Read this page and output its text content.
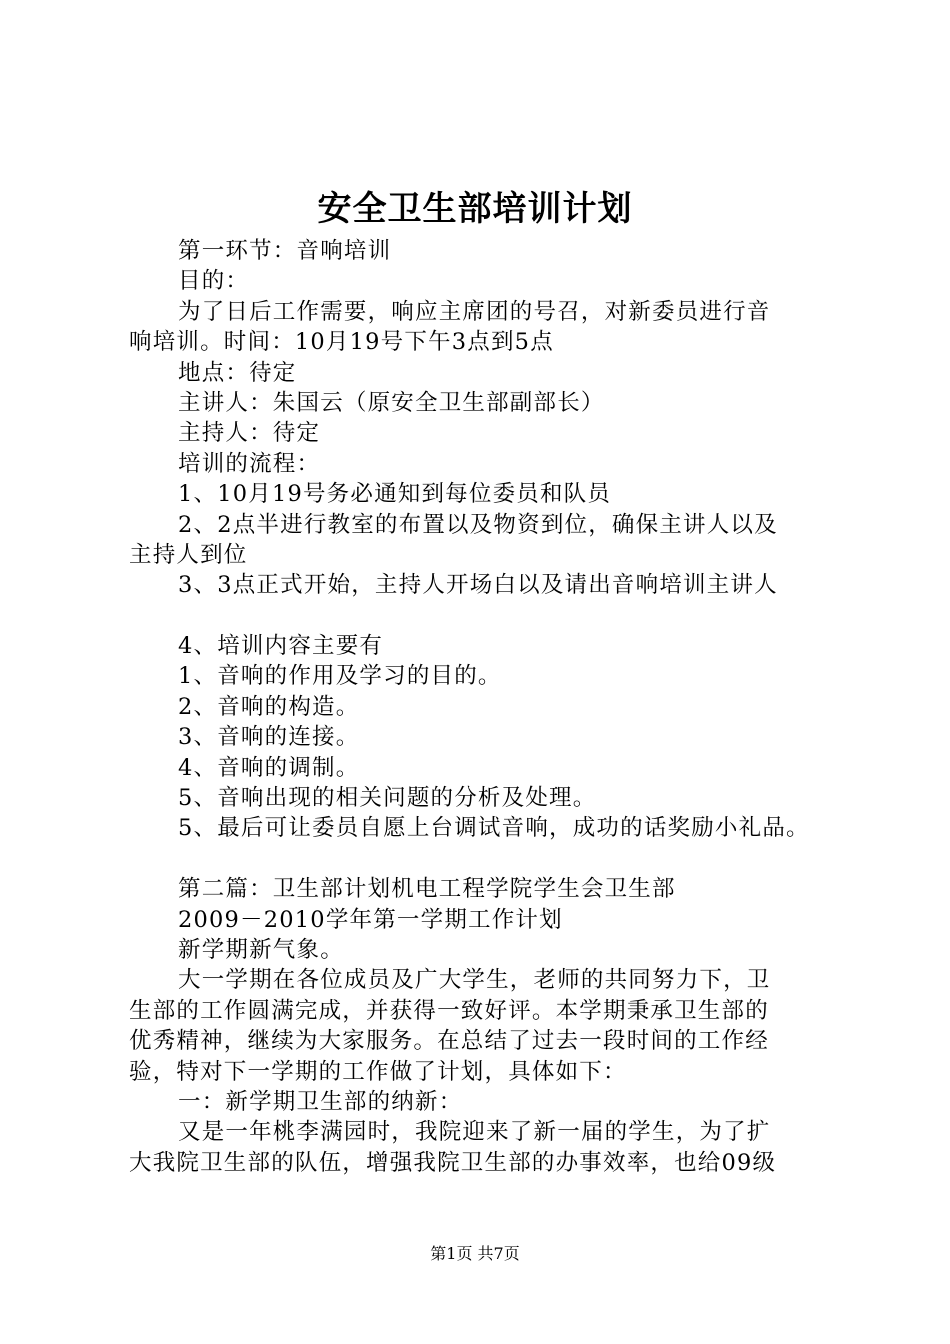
安全卫生部培训计划
第一环节：音响培训
目的：
为了日后工作需要，响应主席团的号召，对新委员进行音
响培训。时间：10月19号下午3点到5点
地点：待定
主讲人：朱国云（原安全卫生部副部长）
主持人：待定
培训的流程：
1、10月19号务必通知到每位委员和队员
2、2点半进行教室的布置以及物资到位，确保主讲人以及
主持人到位
3、3点正式开始，主持人开场白以及请出音响培训主讲人
4、培训内容主要有
1、音响的作用及学习的目的。
2、音响的构造。
3、音响的连接。
4、音响的调制。
5、音响出现的相关问题的分析及处理。
5、最后可让委员自愿上台调试音响，成功的话奖励小礼品。
第二篇：卫生部计划机电工程学院学生会卫生部
2009－2010学年第一学期工作计划
新学期新气象。
大一学期在各位成员及广大学生，老师的共同努力下，卫
生部的工作圆满完成，并获得一致好评。本学期秉承卫生部的
优秀精神，继续为大家服务。在总结了过去一段时间的工作经
验，特对下一学期的工作做了计划，具体如下：
一：新学期卫生部的纳新：
又是一年桃李满园时，我院迎来了新一届的学生，为了扩
大我院卫生部的队伍，增强我院卫生部的办事效率，也给09级
第1页 共7页
